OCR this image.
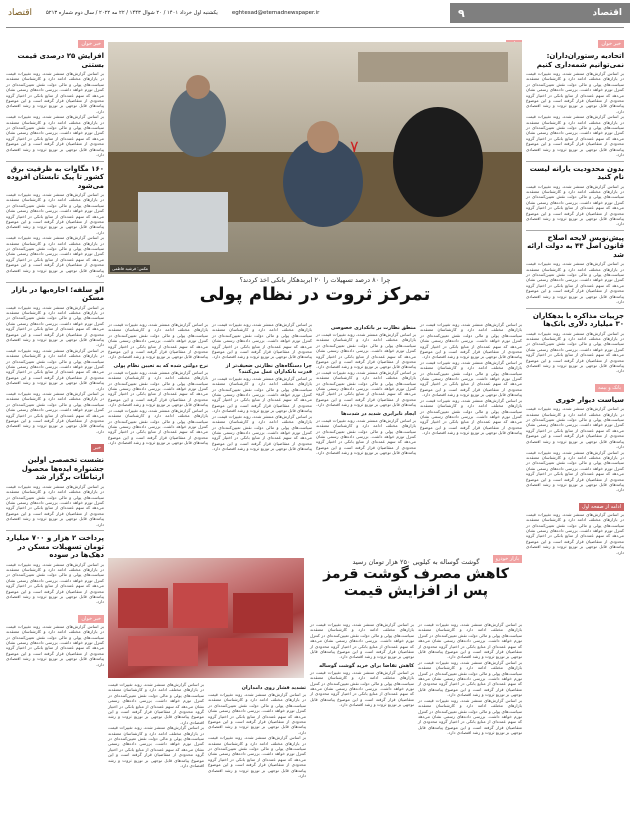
اقتصاد
۹
eghtesad@etemadnewspaper.ir
یکشنبه اول خرداد ۱۴۰۱ / ۲۰ شوال ۱۴۴۳ / ۲۲ مه ۲۰۲۲ / سال دوم شماره ۵۲۱۳
اقتصاد
خبر خوان
افزایش ۲۵ درصدی قیمت بستنی
بر اساس گزارش‌های منتشر شده، روند تغییرات قیمت در بازارهای مختلف ادامه دارد و کارشناسان معتقدند سیاست‌های پولی و مالی دولت نقش تعیین‌کننده‌ای در کنترل تورم خواهد داشت. بررسی داده‌های رسمی نشان می‌دهد که سهم عمده‌ای از منابع بانکی در اختیار گروه محدودی از متقاضیان قرار گرفته است و این موضوع پیامدهای قابل توجهی بر توزیع ثروت و رشد اقتصادی دارد.
بر اساس گزارش‌های منتشر شده، روند تغییرات قیمت در بازارهای مختلف ادامه دارد و کارشناسان معتقدند سیاست‌های پولی و مالی دولت نقش تعیین‌کننده‌ای در کنترل تورم خواهد داشت. بررسی داده‌های رسمی نشان می‌دهد که سهم عمده‌ای از منابع بانکی در اختیار گروه محدودی از متقاضیان قرار گرفته است و این موضوع پیامدهای قابل توجهی بر توزیع ثروت و رشد اقتصادی دارد.
۱۶۰ مگاوات به ظرفیت برق کشور تا پیک تابستان افزوده می‌شود
بر اساس گزارش‌های منتشر شده، روند تغییرات قیمت در بازارهای مختلف ادامه دارد و کارشناسان معتقدند سیاست‌های پولی و مالی دولت نقش تعیین‌کننده‌ای در کنترل تورم خواهد داشت. بررسی داده‌های رسمی نشان می‌دهد که سهم عمده‌ای از منابع بانکی در اختیار گروه محدودی از متقاضیان قرار گرفته است و این موضوع پیامدهای قابل توجهی بر توزیع ثروت و رشد اقتصادی دارد.
بر اساس گزارش‌های منتشر شده، روند تغییرات قیمت در بازارهای مختلف ادامه دارد و کارشناسان معتقدند سیاست‌های پولی و مالی دولت نقش تعیین‌کننده‌ای در کنترل تورم خواهد داشت. بررسی داده‌های رسمی نشان می‌دهد که سهم عمده‌ای از منابع بانکی در اختیار گروه محدودی از متقاضیان قرار گرفته است و این موضوع پیامدهای قابل توجهی بر توزیع ثروت و رشد اقتصادی دارد.
الو سلفه؛ اجاره‌بها در بازار مسکن
بر اساس گزارش‌های منتشر شده، روند تغییرات قیمت در بازارهای مختلف ادامه دارد و کارشناسان معتقدند سیاست‌های پولی و مالی دولت نقش تعیین‌کننده‌ای در کنترل تورم خواهد داشت. بررسی داده‌های رسمی نشان می‌دهد که سهم عمده‌ای از منابع بانکی در اختیار گروه محدودی از متقاضیان قرار گرفته است و این موضوع پیامدهای قابل توجهی بر توزیع ثروت و رشد اقتصادی دارد.
بر اساس گزارش‌های منتشر شده، روند تغییرات قیمت در بازارهای مختلف ادامه دارد و کارشناسان معتقدند سیاست‌های پولی و مالی دولت نقش تعیین‌کننده‌ای در کنترل تورم خواهد داشت. بررسی داده‌های رسمی نشان می‌دهد که سهم عمده‌ای از منابع بانکی در اختیار گروه محدودی از متقاضیان قرار گرفته است و این موضوع پیامدهای قابل توجهی بر توزیع ثروت و رشد اقتصادی دارد.
بر اساس گزارش‌های منتشر شده، روند تغییرات قیمت در بازارهای مختلف ادامه دارد و کارشناسان معتقدند سیاست‌های پولی و مالی دولت نقش تعیین‌کننده‌ای در کنترل تورم خواهد داشت. بررسی داده‌های رسمی نشان می‌دهد که سهم عمده‌ای از منابع بانکی در اختیار گروه محدودی از متقاضیان قرار گرفته است و این موضوع پیامدهای قابل توجهی بر توزیع ثروت و رشد اقتصادی دارد.
خبر
نشست تخصصی اولین جشنواره ایده‌ها محصول ارتباطات برگزار شد
بر اساس گزارش‌های منتشر شده، روند تغییرات قیمت در بازارهای مختلف ادامه دارد و کارشناسان معتقدند سیاست‌های پولی و مالی دولت نقش تعیین‌کننده‌ای در کنترل تورم خواهد داشت. بررسی داده‌های رسمی نشان می‌دهد که سهم عمده‌ای از منابع بانکی در اختیار گروه محدودی از متقاضیان قرار گرفته است و این موضوع پیامدهای قابل توجهی بر توزیع ثروت و رشد اقتصادی دارد.
پرداخت ۲ هزار و ۷۰۰ میلیارد تومان تسهیلات مسکن در دهک‌ها در سوده
بر اساس گزارش‌های منتشر شده، روند تغییرات قیمت در بازارهای مختلف ادامه دارد و کارشناسان معتقدند سیاست‌های پولی و مالی دولت نقش تعیین‌کننده‌ای در کنترل تورم خواهد داشت. بررسی داده‌های رسمی نشان می‌دهد که سهم عمده‌ای از منابع بانکی در اختیار گروه محدودی از متقاضیان قرار گرفته است و این موضوع پیامدهای قابل توجهی بر توزیع ثروت و رشد اقتصادی دارد.
خبر خوان
بر اساس گزارش‌های منتشر شده، روند تغییرات قیمت در بازارهای مختلف ادامه دارد و کارشناسان معتقدند سیاست‌های پولی و مالی دولت نقش تعیین‌کننده‌ای در کنترل تورم خواهد داشت. بررسی داده‌های رسمی نشان می‌دهد که سهم عمده‌ای از منابع بانکی در اختیار گروه محدودی از متقاضیان قرار گرفته است و این موضوع پیامدهای قابل توجهی بر توزیع ثروت و رشد اقتصادی دارد.
خبر خوان
اتحادیه رستوران‌داران: نمی‌توانیم شمه‌داری کنیم
بر اساس گزارش‌های منتشر شده، روند تغییرات قیمت در بازارهای مختلف ادامه دارد و کارشناسان معتقدند سیاست‌های پولی و مالی دولت نقش تعیین‌کننده‌ای در کنترل تورم خواهد داشت. بررسی داده‌های رسمی نشان می‌دهد که سهم عمده‌ای از منابع بانکی در اختیار گروه محدودی از متقاضیان قرار گرفته است و این موضوع پیامدهای قابل توجهی بر توزیع ثروت و رشد اقتصادی دارد.
بر اساس گزارش‌های منتشر شده، روند تغییرات قیمت در بازارهای مختلف ادامه دارد و کارشناسان معتقدند سیاست‌های پولی و مالی دولت نقش تعیین‌کننده‌ای در کنترل تورم خواهد داشت. بررسی داده‌های رسمی نشان می‌دهد که سهم عمده‌ای از منابع بانکی در اختیار گروه محدودی از متقاضیان قرار گرفته است و این موضوع پیامدهای قابل توجهی بر توزیع ثروت و رشد اقتصادی دارد.
بدون محدودیت یارانه لیست نام کنید
بر اساس گزارش‌های منتشر شده، روند تغییرات قیمت در بازارهای مختلف ادامه دارد و کارشناسان معتقدند سیاست‌های پولی و مالی دولت نقش تعیین‌کننده‌ای در کنترل تورم خواهد داشت. بررسی داده‌های رسمی نشان می‌دهد که سهم عمده‌ای از منابع بانکی در اختیار گروه محدودی از متقاضیان قرار گرفته است و این موضوع پیامدهای قابل توجهی بر توزیع ثروت و رشد اقتصادی دارد.
پیش‌نویس لایحه اصلاح قانون اصل ۴۴ به دولت ارائه شد
بر اساس گزارش‌های منتشر شده، روند تغییرات قیمت در بازارهای مختلف ادامه دارد و کارشناسان معتقدند سیاست‌های پولی و مالی دولت نقش تعیین‌کننده‌ای در کنترل تورم خواهد داشت. بررسی داده‌های رسمی نشان می‌دهد که سهم عمده‌ای از منابع بانکی در اختیار گروه محدودی از متقاضیان قرار گرفته است و این موضوع پیامدهای قابل توجهی بر توزیع ثروت و رشد اقتصادی دارد.
جزییات مذاکره با بدهکاران ۳۰ میلیارد دلاری بانک‌ها
بر اساس گزارش‌های منتشر شده، روند تغییرات قیمت در بازارهای مختلف ادامه دارد و کارشناسان معتقدند سیاست‌های پولی و مالی دولت نقش تعیین‌کننده‌ای در کنترل تورم خواهد داشت. بررسی داده‌های رسمی نشان می‌دهد که سهم عمده‌ای از منابع بانکی در اختیار گروه محدودی از متقاضیان قرار گرفته است و این موضوع پیامدهای قابل توجهی بر توزیع ثروت و رشد اقتصادی دارد.
بانک و بیمه
سیاست دیوار خوری
بر اساس گزارش‌های منتشر شده، روند تغییرات قیمت در بازارهای مختلف ادامه دارد و کارشناسان معتقدند سیاست‌های پولی و مالی دولت نقش تعیین‌کننده‌ای در کنترل تورم خواهد داشت. بررسی داده‌های رسمی نشان می‌دهد که سهم عمده‌ای از منابع بانکی در اختیار گروه محدودی از متقاضیان قرار گرفته است و این موضوع پیامدهای قابل توجهی بر توزیع ثروت و رشد اقتصادی دارد.
بر اساس گزارش‌های منتشر شده، روند تغییرات قیمت در بازارهای مختلف ادامه دارد و کارشناسان معتقدند سیاست‌های پولی و مالی دولت نقش تعیین‌کننده‌ای در کنترل تورم خواهد داشت. بررسی داده‌های رسمی نشان می‌دهد که سهم عمده‌ای از منابع بانکی در اختیار گروه محدودی از متقاضیان قرار گرفته است و این موضوع پیامدهای قابل توجهی بر توزیع ثروت و رشد اقتصادی دارد.
ادامه از صفحه اول
بر اساس گزارش‌های منتشر شده، روند تغییرات قیمت در بازارهای مختلف ادامه دارد و کارشناسان معتقدند سیاست‌های پولی و مالی دولت نقش تعیین‌کننده‌ای در کنترل تورم خواهد داشت. بررسی داده‌های رسمی نشان می‌دهد که سهم عمده‌ای از منابع بانکی در اختیار گروه محدودی از متقاضیان قرار گرفته است و این موضوع پیامدهای قابل توجهی بر توزیع ثروت و رشد اقتصادی دارد.
۷
عکس: فرشید فاطمی
چرا ۸۰ درصد تسهیلات را ۲۰ ابربدهکار بانکی اخذ کردند؟
تمرکز ثروت در نظام پولی
بر اساس گزارش‌های منتشر شده، روند تغییرات قیمت در بازارهای مختلف ادامه دارد و کارشناسان معتقدند سیاست‌های پولی و مالی دولت نقش تعیین‌کننده‌ای در کنترل تورم خواهد داشت. بررسی داده‌های رسمی نشان می‌دهد که سهم عمده‌ای از منابع بانکی در اختیار گروه محدودی از متقاضیان قرار گرفته است و این موضوع پیامدهای قابل توجهی بر توزیع ثروت و رشد اقتصادی دارد.
بر اساس گزارش‌های منتشر شده، روند تغییرات قیمت در بازارهای مختلف ادامه دارد و کارشناسان معتقدند سیاست‌های پولی و مالی دولت نقش تعیین‌کننده‌ای در کنترل تورم خواهد داشت. بررسی داده‌های رسمی نشان می‌دهد که سهم عمده‌ای از منابع بانکی در اختیار گروه محدودی از متقاضیان قرار گرفته است و این موضوع پیامدهای قابل توجهی بر توزیع ثروت و رشد اقتصادی دارد.
بر اساس گزارش‌های منتشر شده، روند تغییرات قیمت در بازارهای مختلف ادامه دارد و کارشناسان معتقدند سیاست‌های پولی و مالی دولت نقش تعیین‌کننده‌ای در کنترل تورم خواهد داشت. بررسی داده‌های رسمی نشان می‌دهد که سهم عمده‌ای از منابع بانکی در اختیار گروه محدودی از متقاضیان قرار گرفته است و این موضوع پیامدهای قابل توجهی بر توزیع ثروت و رشد اقتصادی دارد.
منطق نظارت بر بانکداری خصوصی
بر اساس گزارش‌های منتشر شده، روند تغییرات قیمت در بازارهای مختلف ادامه دارد و کارشناسان معتقدند سیاست‌های پولی و مالی دولت نقش تعیین‌کننده‌ای در کنترل تورم خواهد داشت. بررسی داده‌های رسمی نشان می‌دهد که سهم عمده‌ای از منابع بانکی در اختیار گروه محدودی از متقاضیان قرار گرفته است و این موضوع پیامدهای قابل توجهی بر توزیع ثروت و رشد اقتصادی دارد.
بر اساس گزارش‌های منتشر شده، روند تغییرات قیمت در بازارهای مختلف ادامه دارد و کارشناسان معتقدند سیاست‌های پولی و مالی دولت نقش تعیین‌کننده‌ای در کنترل تورم خواهد داشت. بررسی داده‌های رسمی نشان می‌دهد که سهم عمده‌ای از منابع بانکی در اختیار گروه محدودی از متقاضیان قرار گرفته است و این موضوع پیامدهای قابل توجهی بر توزیع ثروت و رشد اقتصادی دارد.
ایجاد نابرابری شدید در شدت‌ها
بر اساس گزارش‌های منتشر شده، روند تغییرات قیمت در بازارهای مختلف ادامه دارد و کارشناسان معتقدند سیاست‌های پولی و مالی دولت نقش تعیین‌کننده‌ای در کنترل تورم خواهد داشت. بررسی داده‌های رسمی نشان می‌دهد که سهم عمده‌ای از منابع بانکی در اختیار گروه محدودی از متقاضیان قرار گرفته است و این موضوع پیامدهای قابل توجهی بر توزیع ثروت و رشد اقتصادی دارد.
بر اساس گزارش‌های منتشر شده، روند تغییرات قیمت در بازارهای مختلف ادامه دارد و کارشناسان معتقدند سیاست‌های پولی و مالی دولت نقش تعیین‌کننده‌ای در کنترل تورم خواهد داشت. بررسی داده‌های رسمی نشان می‌دهد که سهم عمده‌ای از منابع بانکی در اختیار گروه محدودی از متقاضیان قرار گرفته است و این موضوع پیامدهای قابل توجهی بر توزیع ثروت و رشد اقتصادی دارد.
چرا دستگاه‌های نظارتی ضعیف‌تر از قدرت بانکداران عمل می‌کنند؟
بر اساس گزارش‌های منتشر شده، روند تغییرات قیمت در بازارهای مختلف ادامه دارد و کارشناسان معتقدند سیاست‌های پولی و مالی دولت نقش تعیین‌کننده‌ای در کنترل تورم خواهد داشت. بررسی داده‌های رسمی نشان می‌دهد که سهم عمده‌ای از منابع بانکی در اختیار گروه محدودی از متقاضیان قرار گرفته است و این موضوع پیامدهای قابل توجهی بر توزیع ثروت و رشد اقتصادی دارد.
بر اساس گزارش‌های منتشر شده، روند تغییرات قیمت در بازارهای مختلف ادامه دارد و کارشناسان معتقدند سیاست‌های پولی و مالی دولت نقش تعیین‌کننده‌ای در کنترل تورم خواهد داشت. بررسی داده‌های رسمی نشان می‌دهد که سهم عمده‌ای از منابع بانکی در اختیار گروه محدودی از متقاضیان قرار گرفته است و این موضوع پیامدهای قابل توجهی بر توزیع ثروت و رشد اقتصادی دارد.
بر اساس گزارش‌های منتشر شده، روند تغییرات قیمت در بازارهای مختلف ادامه دارد و کارشناسان معتقدند سیاست‌های پولی و مالی دولت نقش تعیین‌کننده‌ای در کنترل تورم خواهد داشت. بررسی داده‌های رسمی نشان می‌دهد که سهم عمده‌ای از منابع بانکی در اختیار گروه محدودی از متقاضیان قرار گرفته است و این موضوع پیامدهای قابل توجهی بر توزیع ثروت و رشد اقتصادی دارد.
نرخ دولتی شده که به تعیین نظام پولی
بر اساس گزارش‌های منتشر شده، روند تغییرات قیمت در بازارهای مختلف ادامه دارد و کارشناسان معتقدند سیاست‌های پولی و مالی دولت نقش تعیین‌کننده‌ای در کنترل تورم خواهد داشت. بررسی داده‌های رسمی نشان می‌دهد که سهم عمده‌ای از منابع بانکی در اختیار گروه محدودی از متقاضیان قرار گرفته است و این موضوع پیامدهای قابل توجهی بر توزیع ثروت و رشد اقتصادی دارد.
بر اساس گزارش‌های منتشر شده، روند تغییرات قیمت در بازارهای مختلف ادامه دارد و کارشناسان معتقدند سیاست‌های پولی و مالی دولت نقش تعیین‌کننده‌ای در کنترل تورم خواهد داشت. بررسی داده‌های رسمی نشان می‌دهد که سهم عمده‌ای از منابع بانکی در اختیار گروه محدودی از متقاضیان قرار گرفته است و این موضوع پیامدهای قابل توجهی بر توزیع ثروت و رشد اقتصادی دارد.
بازار خودرو
گوشت گوساله به کیلویی ۲۵۰ هزار تومان رسید
کاهش مصرف گوشت قرمز
پس از افزایش قیمت
بر اساس گزارش‌های منتشر شده، روند تغییرات قیمت در بازارهای مختلف ادامه دارد و کارشناسان معتقدند سیاست‌های پولی و مالی دولت نقش تعیین‌کننده‌ای در کنترل تورم خواهد داشت. بررسی داده‌های رسمی نشان می‌دهد که سهم عمده‌ای از منابع بانکی در اختیار گروه محدودی از متقاضیان قرار گرفته است و این موضوع پیامدهای قابل توجهی بر توزیع ثروت و رشد اقتصادی دارد.
بر اساس گزارش‌های منتشر شده، روند تغییرات قیمت در بازارهای مختلف ادامه دارد و کارشناسان معتقدند سیاست‌های پولی و مالی دولت نقش تعیین‌کننده‌ای در کنترل تورم خواهد داشت. بررسی داده‌های رسمی نشان می‌دهد که سهم عمده‌ای از منابع بانکی در اختیار گروه محدودی از متقاضیان قرار گرفته است و این موضوع پیامدهای قابل توجهی بر توزیع ثروت و رشد اقتصادی دارد.
بر اساس گزارش‌های منتشر شده، روند تغییرات قیمت در بازارهای مختلف ادامه دارد و کارشناسان معتقدند سیاست‌های پولی و مالی دولت نقش تعیین‌کننده‌ای در کنترل تورم خواهد داشت. بررسی داده‌های رسمی نشان می‌دهد که سهم عمده‌ای از منابع بانکی در اختیار گروه محدودی از متقاضیان قرار گرفته است و این موضوع پیامدهای قابل توجهی بر توزیع ثروت و رشد اقتصادی دارد.
بر اساس گزارش‌های منتشر شده، روند تغییرات قیمت در بازارهای مختلف ادامه دارد و کارشناسان معتقدند سیاست‌های پولی و مالی دولت نقش تعیین‌کننده‌ای در کنترل تورم خواهد داشت. بررسی داده‌های رسمی نشان می‌دهد که سهم عمده‌ای از منابع بانکی در اختیار گروه محدودی از متقاضیان قرار گرفته است و این موضوع پیامدهای قابل توجهی بر توزیع ثروت و رشد اقتصادی دارد.
کاهش تقاضا برای خرید گوشت گوساله
بر اساس گزارش‌های منتشر شده، روند تغییرات قیمت در بازارهای مختلف ادامه دارد و کارشناسان معتقدند سیاست‌های پولی و مالی دولت نقش تعیین‌کننده‌ای در کنترل تورم خواهد داشت. بررسی داده‌های رسمی نشان می‌دهد که سهم عمده‌ای از منابع بانکی در اختیار گروه محدودی از متقاضیان قرار گرفته است و این موضوع پیامدهای قابل توجهی بر توزیع ثروت و رشد اقتصادی دارد.
تشدید فشار روی دامداران
بر اساس گزارش‌های منتشر شده، روند تغییرات قیمت در بازارهای مختلف ادامه دارد و کارشناسان معتقدند سیاست‌های پولی و مالی دولت نقش تعیین‌کننده‌ای در کنترل تورم خواهد داشت. بررسی داده‌های رسمی نشان می‌دهد که سهم عمده‌ای از منابع بانکی در اختیار گروه محدودی از متقاضیان قرار گرفته است و این موضوع پیامدهای قابل توجهی بر توزیع ثروت و رشد اقتصادی دارد.
بر اساس گزارش‌های منتشر شده، روند تغییرات قیمت در بازارهای مختلف ادامه دارد و کارشناسان معتقدند سیاست‌های پولی و مالی دولت نقش تعیین‌کننده‌ای در کنترل تورم خواهد داشت. بررسی داده‌های رسمی نشان می‌دهد که سهم عمده‌ای از منابع بانکی در اختیار گروه محدودی از متقاضیان قرار گرفته است و این موضوع پیامدهای قابل توجهی بر توزیع ثروت و رشد اقتصادی دارد.
بر اساس گزارش‌های منتشر شده، روند تغییرات قیمت در بازارهای مختلف ادامه دارد و کارشناسان معتقدند سیاست‌های پولی و مالی دولت نقش تعیین‌کننده‌ای در کنترل تورم خواهد داشت. بررسی داده‌های رسمی نشان می‌دهد که سهم عمده‌ای از منابع بانکی در اختیار گروه محدودی از متقاضیان قرار گرفته است و این موضوع پیامدهای قابل توجهی بر توزیع ثروت و رشد اقتصادی دارد.
بر اساس گزارش‌های منتشر شده، روند تغییرات قیمت در بازارهای مختلف ادامه دارد و کارشناسان معتقدند سیاست‌های پولی و مالی دولت نقش تعیین‌کننده‌ای در کنترل تورم خواهد داشت. بررسی داده‌های رسمی نشان می‌دهد که سهم عمده‌ای از منابع بانکی در اختیار گروه محدودی از متقاضیان قرار گرفته است و این موضوع پیامدهای قابل توجهی بر توزیع ثروت و رشد اقتصادی دارد.
